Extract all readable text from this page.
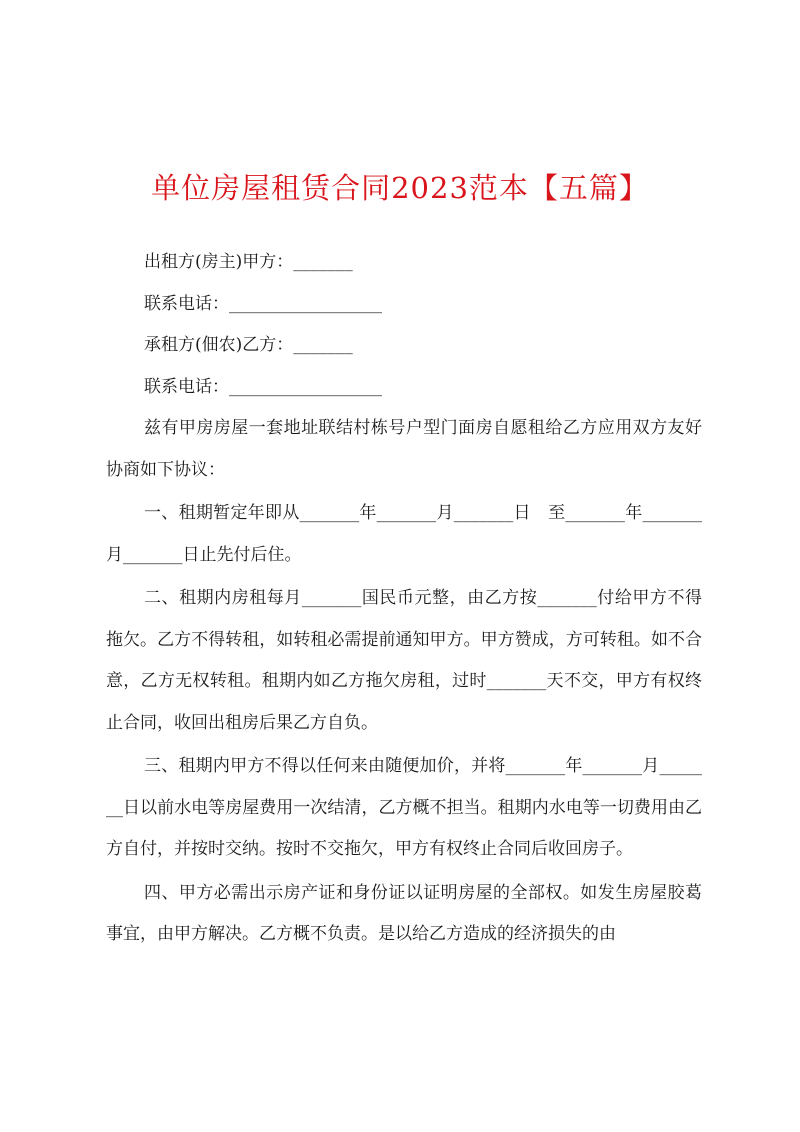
单位房屋租赁合同2023范本【五篇】

出租方(房主)甲方：_______

联系电话：__________________

承租方(佃农)乙方：_______

联系电话：__________________

兹有甲房房屋一套地址联结村栋号户型门面房自愿租给乙方应用双方友好协商如下协议：

一、租期暂定年即从_______年_______月_______日　至_______年_______月_______日止先付后住。

二、租期内房租每月_______国民币元整，由乙方按_______付给甲方不得拖欠。乙方不得转租，如转租必需提前通知甲方。甲方赞成，方可转租。如不合意，乙方无权转租。租期内如乙方拖欠房租，过时_______天不交，甲方有权终止合同，收回出租房后果乙方自负。

三、租期内甲方不得以任何来由随便加价，并将_______年_______月_______日以前水电等房屋费用一次结清，乙方概不担当。租期内水电等一切费用由乙方自付，并按时交纳。按时不交拖欠，甲方有权终止合同后收回房子。

四、甲方必需出示房产证和身份证以证明房屋的全部权。如发生房屋胶葛事宜，由甲方解决。乙方概不负责。是以给乙方造成的经济损失的由
